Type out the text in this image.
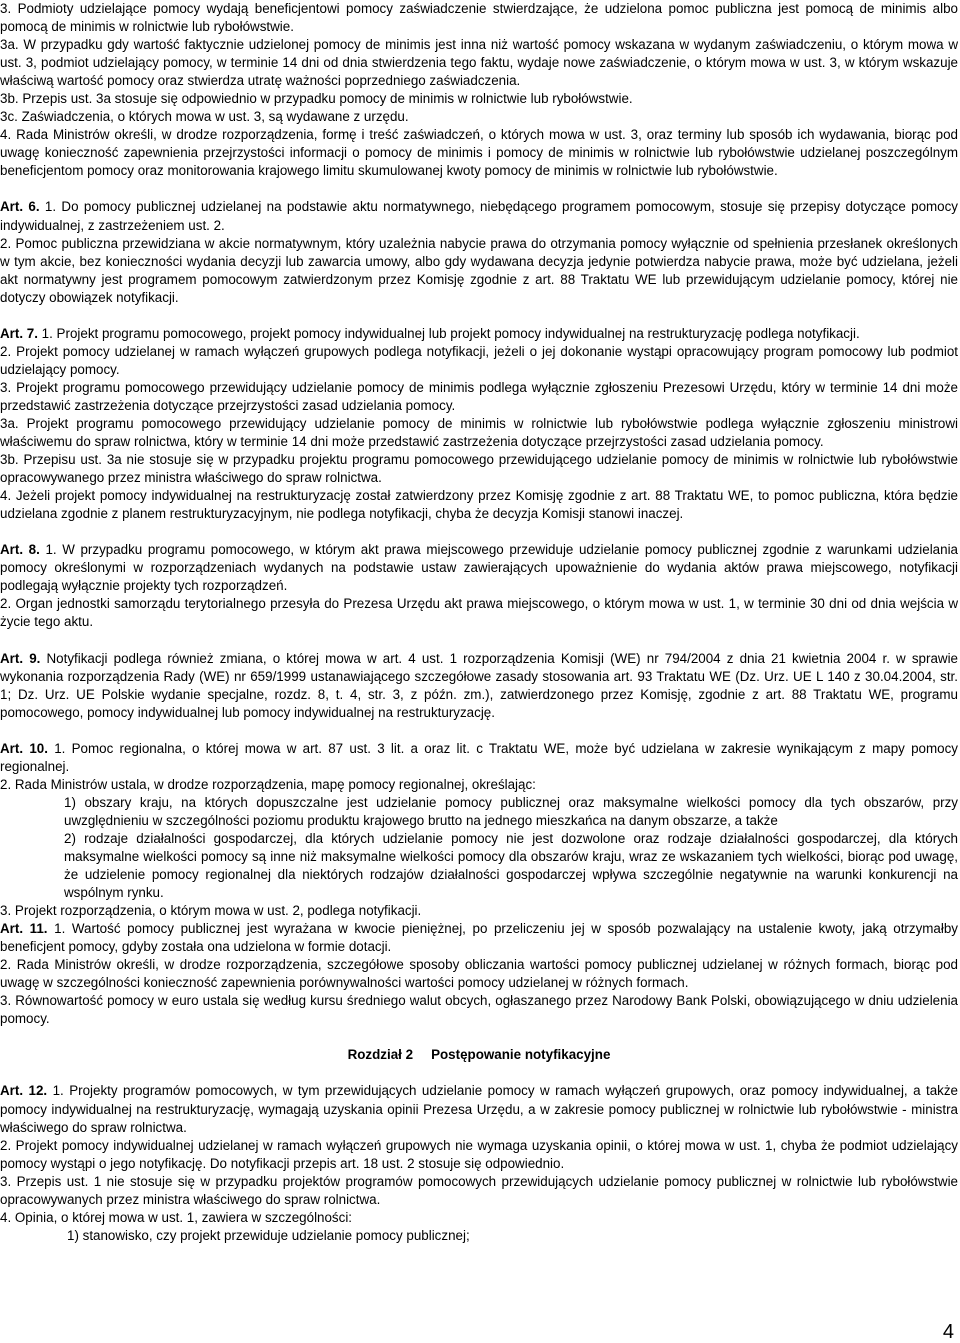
3. Podmioty udzielające pomocy wydają beneficjentowi pomocy zaświadczenie stwierdzające, że udzielona pomoc publiczna jest pomocą de minimis albo pomocą de minimis w rolnictwie lub rybołówstwie.

3a. W przypadku gdy wartość faktycznie udzielonej pomocy de minimis jest inna niż wartość pomocy wskazana w wydanym zaświadczeniu, o którym mowa w ust. 3, podmiot udzielający pomocy, w terminie 14 dni od dnia stwierdzenia tego faktu, wydaje nowe zaświadczenie, o którym mowa w ust. 3, w którym wskazuje właściwą wartość pomocy oraz stwierdza utratę ważności poprzedniego zaświadczenia.

3b. Przepis ust. 3a stosuje się odpowiednio w przypadku pomocy de minimis w rolnictwie lub rybołówstwie.

3c. Zaświadczenia, o których mowa w ust. 3, są wydawane z urzędu.

4. Rada Ministrów określi, w drodze rozporządzenia, formę i treść zaświadczeń, o których mowa w ust. 3, oraz terminy lub sposób ich wydawania, biorąc pod uwagę konieczność zapewnienia przejrzystości informacji o pomocy de minimis i pomocy de minimis w rolnictwie lub rybołówstwie udzielanej poszczególnym beneficjentom pomocy oraz monitorowania krajowego limitu skumulowanej kwoty pomocy de minimis w rolnictwie lub rybołówstwie.

Art. 6. 1. Do pomocy publicznej udzielanej na podstawie aktu normatywnego, niebędącego programem pomocowym, stosuje się przepisy dotyczące pomocy indywidualnej, z zastrzeżeniem ust. 2.

2. Pomoc publiczna przewidziana w akcie normatywnym, który uzależnia nabycie prawa do otrzymania pomocy wyłącznie od spełnienia przesłanek określonych w tym akcie, bez konieczności wydania decyzji lub zawarcia umowy, albo gdy wydawana decyzja jedynie potwierdza nabycie prawa, może być udzielana, jeżeli akt normatywny jest programem pomocowym zatwierdzonym przez Komisję zgodnie z art. 88 Traktatu WE lub przewidującym udzielanie pomocy, której nie dotyczy obowiązek notyfikacji.

Art. 7. 1. Projekt programu pomocowego, projekt pomocy indywidualnej lub projekt pomocy indywidualnej na restrukturyzację podlega notyfikacji.

2. Projekt pomocy udzielanej w ramach wyłączeń grupowych podlega notyfikacji, jeżeli o jej dokonanie wystąpi opracowujący program pomocowy lub podmiot udzielający pomocy.

3. Projekt programu pomocowego przewidujący udzielanie pomocy de minimis podlega wyłącznie zgłoszeniu Prezesowi Urzędu, który w terminie 14 dni może przedstawić zastrzeżenia dotyczące przejrzystości zasad udzielania pomocy.

3a. Projekt programu pomocowego przewidujący udzielanie pomocy de minimis w rolnictwie lub rybołówstwie podlega wyłącznie zgłoszeniu ministrowi właściwemu do spraw rolnictwa, który w terminie 14 dni może przedstawić zastrzeżenia dotyczące przejrzystości zasad udzielania pomocy.

3b. Przepisu ust. 3a nie stosuje się w przypadku projektu programu pomocowego przewidującego udzielanie pomocy de minimis w rolnictwie lub rybołówstwie opracowywanego przez ministra właściwego do spraw rolnictwa.

4. Jeżeli projekt pomocy indywidualnej na restrukturyzację został zatwierdzony przez Komisję zgodnie z art. 88 Traktatu WE, to pomoc publiczna, która będzie udzielana zgodnie z planem restrukturyzacyjnym, nie podlega notyfikacji, chyba że decyzja Komisji stanowi inaczej.

Art. 8. 1. W przypadku programu pomocowego, w którym akt prawa miejscowego przewiduje udzielanie pomocy publicznej zgodnie z warunkami udzielania pomocy określonymi w rozporządzeniach wydanych na podstawie ustaw zawierających upoważnienie do wydania aktów prawa miejscowego, notyfikacji podlegają wyłącznie projekty tych rozporządzeń.

2. Organ jednostki samorządu terytorialnego przesyła do Prezesa Urzędu akt prawa miejscowego, o którym mowa w ust. 1, w terminie 30 dni od dnia wejścia w życie tego aktu.

Art. 9. Notyfikacji podlega również zmiana, o której mowa w art. 4 ust. 1 rozporządzenia Komisji (WE) nr 794/2004 z dnia 21 kwietnia 2004 r. w sprawie wykonania rozporządzenia Rady (WE) nr 659/1999 ustanawiającego szczegółowe zasady stosowania art. 93 Traktatu WE (Dz. Urz. UE L 140 z 30.04.2004, str. 1; Dz. Urz. UE Polskie wydanie specjalne, rozdz. 8, t. 4, str. 3, z późn. zm.), zatwierdzonego przez Komisję, zgodnie z art. 88 Traktatu WE, programu pomocowego, pomocy indywidualnej lub pomocy indywidualnej na restrukturyzację.

Art. 10. 1. Pomoc regionalna, o której mowa w art. 87 ust. 3 lit. a oraz lit. c Traktatu WE, może być udzielana w zakresie wynikającym z mapy pomocy regionalnej.

2. Rada Ministrów ustala, w drodze rozporządzenia, mapę pomocy regionalnej, określając:

1) obszary kraju, na których dopuszczalne jest udzielanie pomocy publicznej oraz maksymalne wielkości pomocy dla tych obszarów, przy uwzględnieniu w szczególności poziomu produktu krajowego brutto na jednego mieszkańca na danym obszarze, a także

2) rodzaje działalności gospodarczej, dla których udzielanie pomocy nie jest dozwolone oraz rodzaje działalności gospodarczej, dla których maksymalne wielkości pomocy są inne niż maksymalne wielkości pomocy dla obszarów kraju, wraz ze wskazaniem tych wielkości, biorąc pod uwagę, że udzielenie pomocy regionalnej dla niektórych rodzajów działalności gospodarczej wpływa szczególnie negatywnie na warunki konkurencji na wspólnym rynku.

3. Projekt rozporządzenia, o którym mowa w ust. 2, podlega notyfikacji.

Art. 11. 1. Wartość pomocy publicznej jest wyrażana w kwocie pieniężnej, po przeliczeniu jej w sposób pozwalający na ustalenie kwoty, jaką otrzymałby beneficjent pomocy, gdyby została ona udzielona w formie dotacji.

2. Rada Ministrów określi, w drodze rozporządzenia, szczegółowe sposoby obliczania wartości pomocy publicznej udzielanej w różnych formach, biorąc pod uwagę w szczególności konieczność zapewnienia porównywalności wartości pomocy udzielanej w różnych formach.

3. Równowartość pomocy w euro ustala się według kursu średniego walut obcych, ogłaszanego przez Narodowy Bank Polski, obowiązującego w dniu udzielenia pomocy.

Rozdział 2 Postępowanie notyfikacyjne

Art. 12. 1. Projekty programów pomocowych, w tym przewidujących udzielanie pomocy w ramach wyłączeń grupowych, oraz pomocy indywidualnej, a także pomocy indywidualnej na restrukturyzację, wymagają uzyskania opinii Prezesa Urzędu, a w zakresie pomocy publicznej w rolnictwie lub rybołówstwie - ministra właściwego do spraw rolnictwa.

2. Projekt pomocy indywidualnej udzielanej w ramach wyłączeń grupowych nie wymaga uzyskania opinii, o której mowa w ust. 1, chyba że podmiot udzielający pomocy wystąpi o jego notyfikację. Do notyfikacji przepis art. 18 ust. 2 stosuje się odpowiednio.

3. Przepis ust. 1 nie stosuje się w przypadku projektów programów pomocowych przewidujących udzielanie pomocy publicznej w rolnictwie lub rybołówstwie opracowywanych przez ministra właściwego do spraw rolnictwa.

4. Opinia, o której mowa w ust. 1, zawiera w szczególności:

1) stanowisko, czy projekt przewiduje udzielanie pomocy publicznej;

4
